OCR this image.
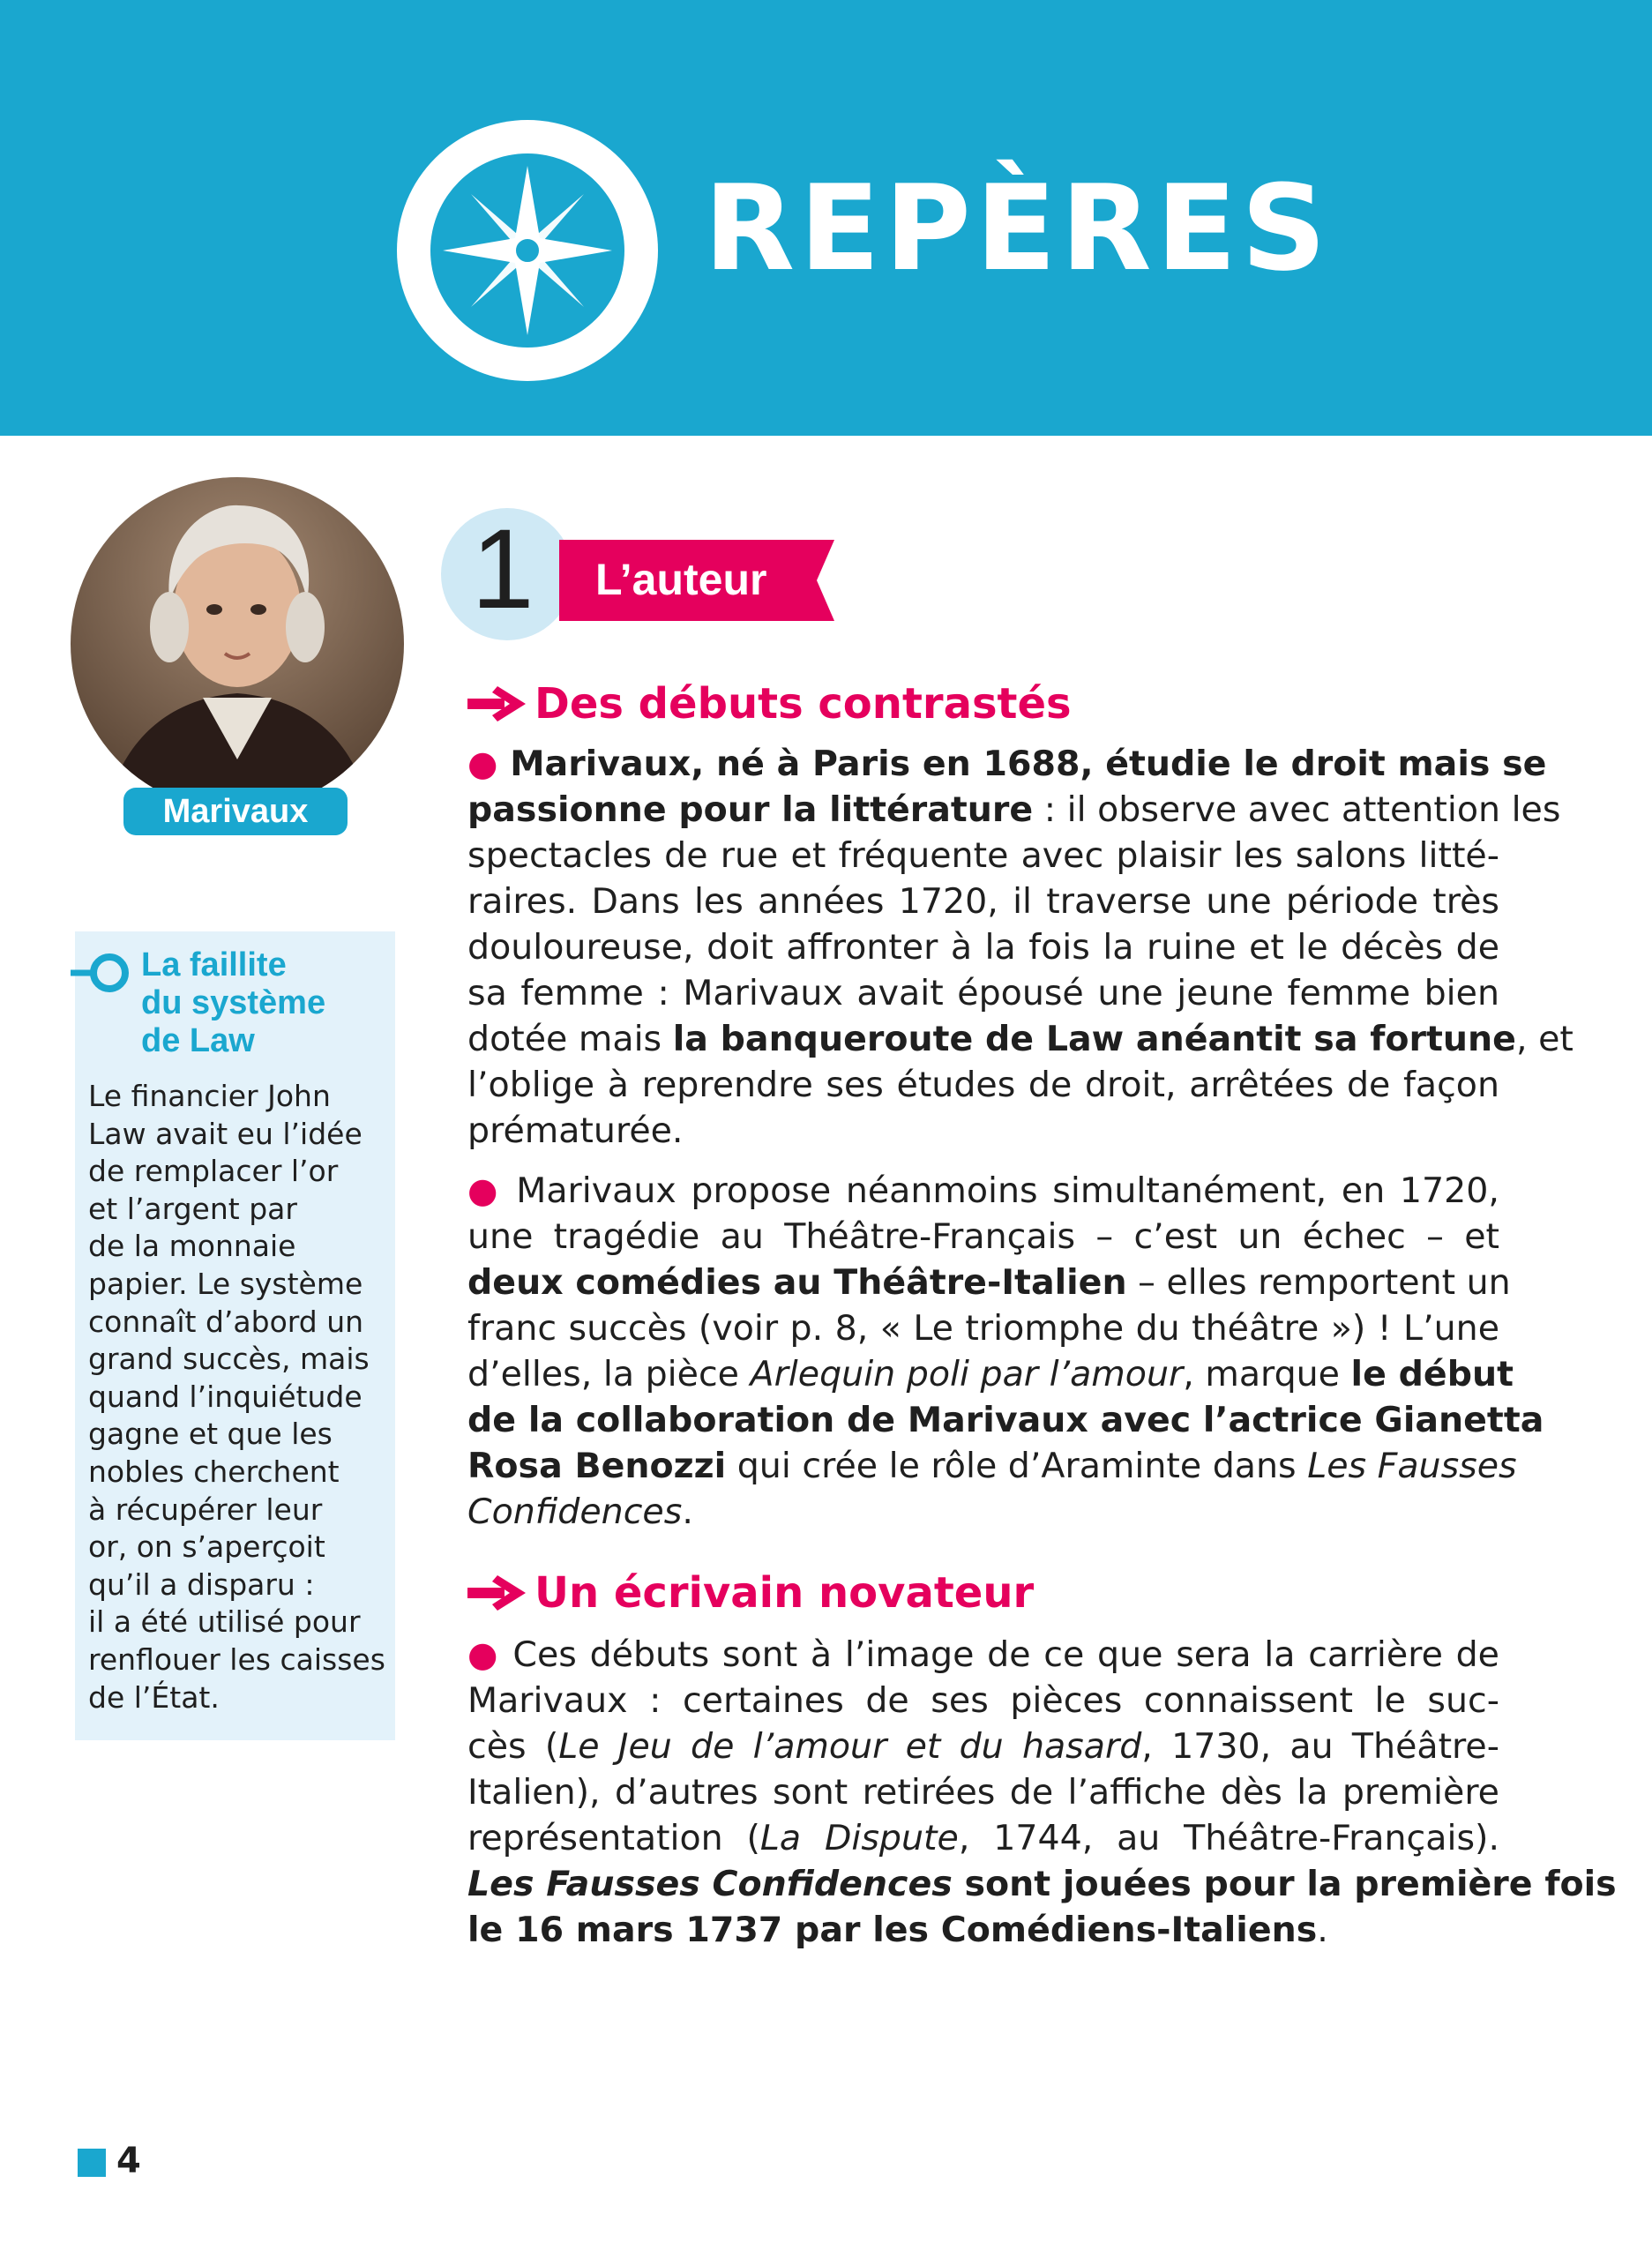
REPÈRES
Marivaux
La faillite
du système
de Law
Le financier John
Law avait eu l’idée
de remplacer l’or
et l’argent par
de la monnaie
papier. Le système
connaît d’abord un
grand succès, mais
quand l’inquiétude
gagne et que les
nobles cherchent
à récupérer leur
or, on s’aperçoit
qu’il a disparu :
il a été utilisé pour
renflouer les caisses
de l’État.
1	L’auteur
Des débuts contrastés
● Marivaux, né à Paris en 1688, étudie le droit mais se
passionne pour la littérature : il observe avec attention les
spectacles de rue et fréquente avec plaisir les salons litté-
raires. Dans les années 1720, il traverse une période très
douloureuse, doit affronter à la fois la ruine et le décès de
sa femme : Marivaux avait épousé une jeune femme bien
dotée mais la banqueroute de Law anéantit sa fortune, et
l’oblige à reprendre ses études de droit, arrêtées de façon
prématurée.
● Marivaux propose néanmoins simultanément, en 1720,
une tragédie au Théâtre-Français – c’est un échec – et
deux comédies au Théâtre-Italien – elles remportent un
franc succès (voir p. 8, « Le triomphe du théâtre ») ! L’une
d’elles, la pièce Arlequin poli par l’amour, marque le début
de la collaboration de Marivaux avec l’actrice Gianetta
Rosa Benozzi qui crée le rôle d’Araminte dans Les Fausses
Confidences.
Un écrivain novateur
● Ces débuts sont à l’image de ce que sera la carrière de
Marivaux : certaines de ses pièces connaissent le suc-
cès (Le Jeu de l’amour et du hasard, 1730, au Théâtre-
Italien), d’autres sont retirées de l’affiche dès la première
représentation (La Dispute, 1744, au Théâtre-Français).
Les Fausses Confidences sont jouées pour la première fois
le 16 mars 1737 par les Comédiens-Italiens.
4
